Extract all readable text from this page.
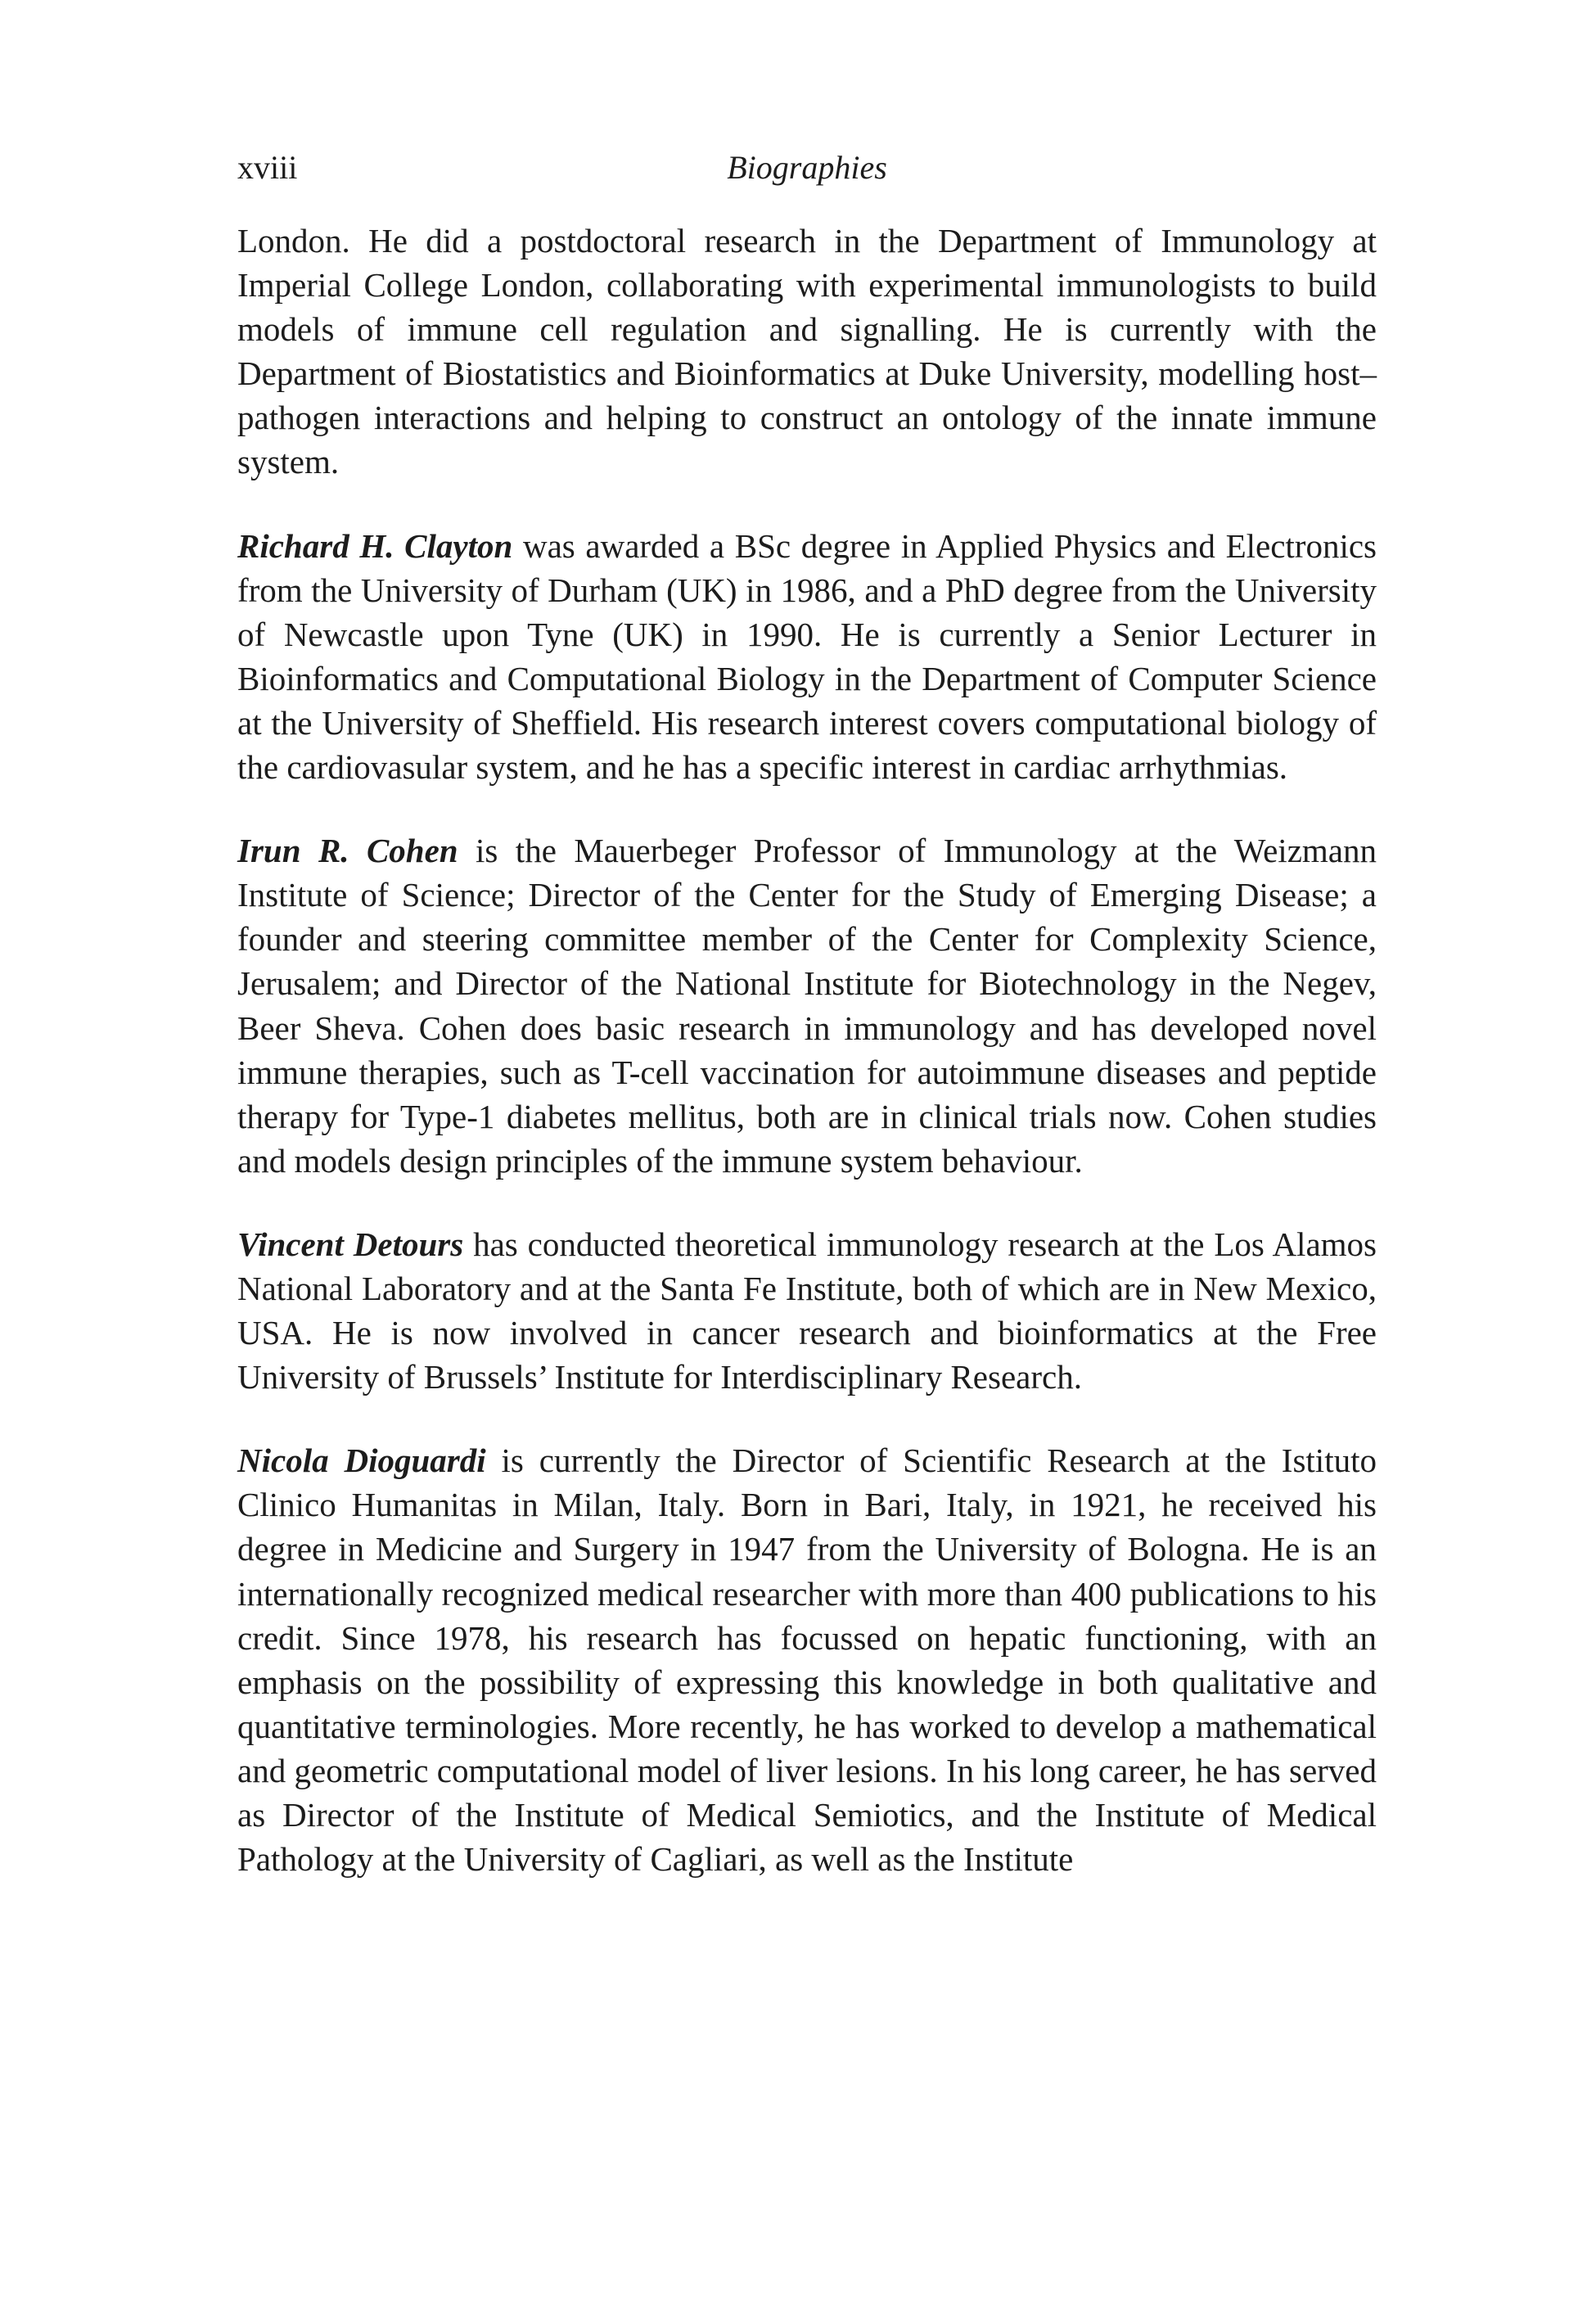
xviii	Biographies

London. He did a postdoctoral research in the Department of Immunology at Imperial College London, collaborating with experimental immunologists to build models of immune cell regulation and signalling. He is currently with the Department of Biostatistics and Bioinformatics at Duke University, modelling host–pathogen interactions and helping to construct an ontology of the innate immune system.

Richard H. Clayton was awarded a BSc degree in Applied Physics and Electronics from the University of Durham (UK) in 1986, and a PhD degree from the University of Newcastle upon Tyne (UK) in 1990. He is currently a Senior Lecturer in Bioinformatics and Computational Biology in the Department of Computer Science at the University of Sheffield. His research interest covers computational biology of the cardiovasular system, and he has a specific interest in cardiac arrhythmias.

Irun R. Cohen is the Mauerbeger Professor of Immunology at the Weizmann Institute of Science; Director of the Center for the Study of Emerging Disease; a founder and steering committee member of the Center for Complexity Science, Jerusalem; and Director of the National Institute for Biotechnology in the Negev, Beer Sheva. Cohen does basic research in immunology and has developed novel immune therapies, such as T-cell vaccination for autoimmune diseases and peptide therapy for Type-1 diabetes mellitus, both are in clinical trials now. Cohen studies and models design principles of the immune system behaviour.

Vincent Detours has conducted theoretical immunology research at the Los Alamos National Laboratory and at the Santa Fe Institute, both of which are in New Mexico, USA. He is now involved in cancer research and bioinformatics at the Free University of Brussels’ Institute for Interdisciplinary Research.

Nicola Dioguardi is currently the Director of Scientific Research at the Istituto Clinico Humanitas in Milan, Italy. Born in Bari, Italy, in 1921, he received his degree in Medicine and Surgery in 1947 from the University of Bologna. He is an internationally recognized medical researcher with more than 400 publications to his credit. Since 1978, his research has focussed on hepatic functioning, with an emphasis on the possibility of expressing this knowledge in both qualitative and quantitative terminologies. More recently, he has worked to develop a mathematical and geometric computational model of liver lesions. In his long career, he has served as Director of the Institute of Medical Semiotics, and the Institute of Medical Pathology at the University of Cagliari, as well as the Institute
